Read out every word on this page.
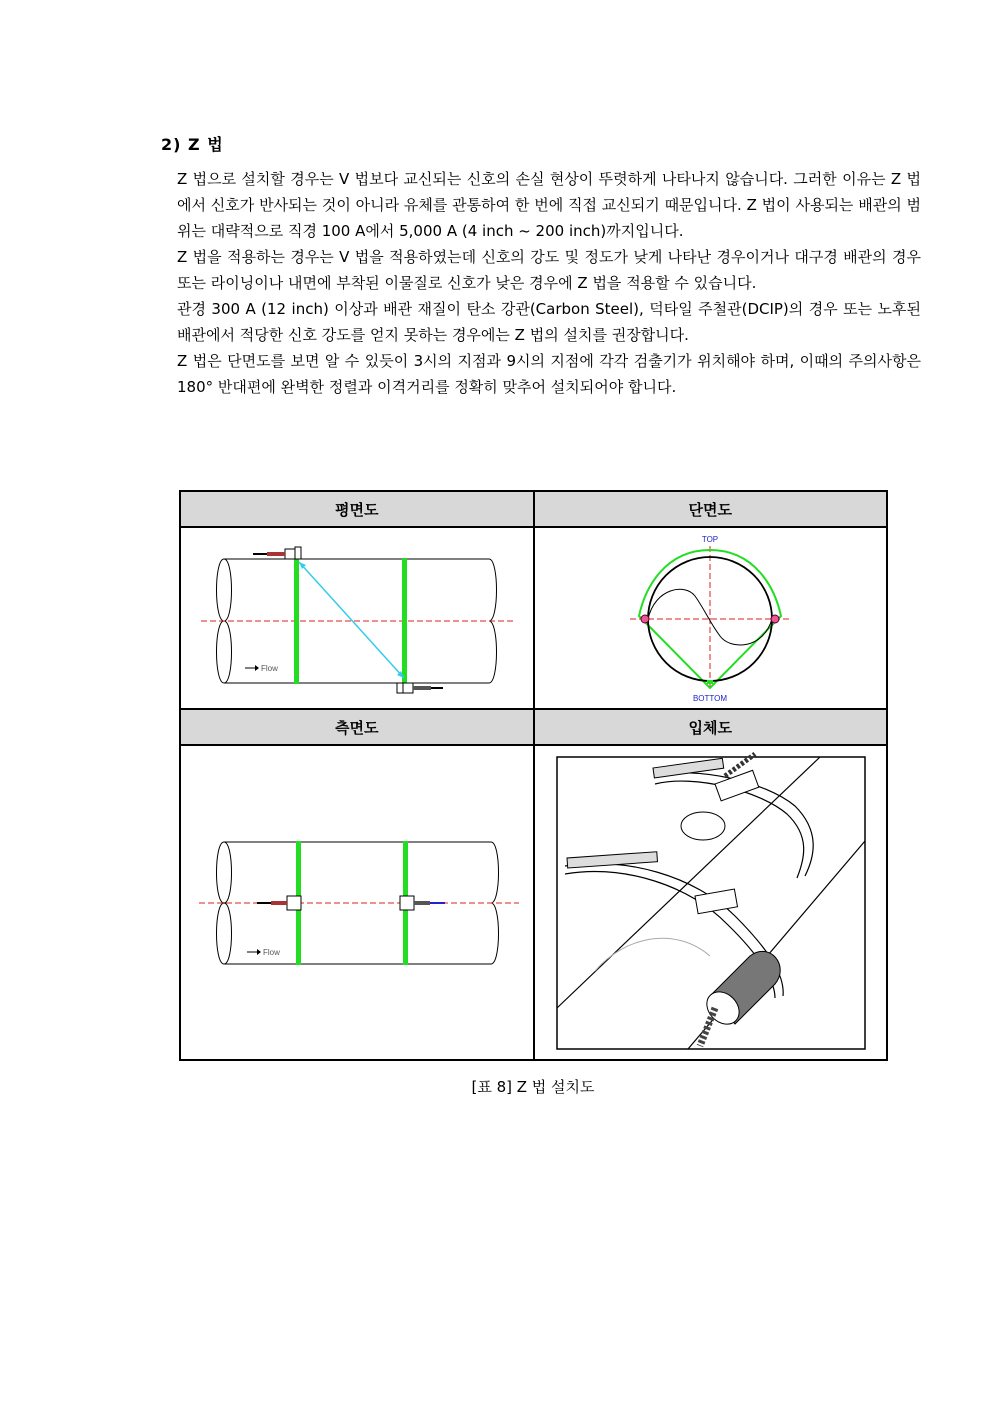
2) Z 법

Z 법으로 설치할 경우는 V 법보다 교신되는 신호의 손실 현상이 뚜렷하게 나타나지 않습니다. 그러한 이유는 Z 법에서 신호가 반사되는 것이 아니라 유체를 관통하여 한 번에 직접 교신되기 때문입니다. Z 법이 사용되는 배관의 범위는 대략적으로 직경 100 A에서 5,000 A (4 inch ~ 200 inch)까지입니다.

Z 법을 적용하는 경우는 V 법을 적용하였는데 신호의 강도 및 정도가 낮게 나타난 경우이거나 대구경 배관의 경우 또는 라이닝이나 내면에 부착된 이물질로 신호가 낮은 경우에 Z 법을 적용할 수 있습니다.

관경 300 A (12 inch) 이상과 배관 재질이 탄소 강관(Carbon Steel), 덕타일 주철관(DCIP)의 경우 또는 노후된 배관에서 적당한 신호 강도를 얻지 못하는 경우에는 Z 법의 설치를 권장합니다.

Z 법은 단면도를 보면 알 수 있듯이 3시의 지점과 9시의 지점에 각각 검출기가 위치해야 하며, 이때의 주의사항은 180° 반대편에 완벽한 정렬과 이격거리를 정확히 맞추어 설치되어야 합니다.

평면도	단면도

Flow	TOP
BOTTOM

측면도	입체도

Flow

[표 8] Z 법 설치도
